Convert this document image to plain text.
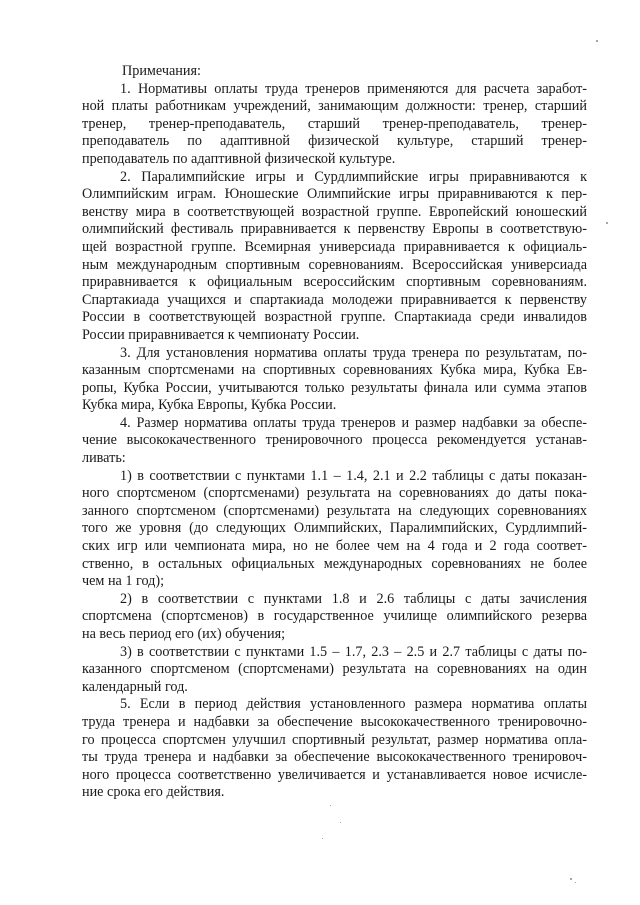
Примечания:
1. Нормативы оплаты труда тренеров применяются для расчета заработ-
ной платы работникам учреждений, занимающим должности: тренер, старший
тренер, тренер-преподаватель, старший тренер-преподаватель, тренер-
преподаватель по адаптивной физической культуре, старший тренер-
преподаватель по адаптивной физической культуре.
2. Паралимпийские игры и Сурдлимпийские игры приравниваются к
Олимпийским играм. Юношеские Олимпийские игры приравниваются к пер-
венству мира в соответствующей возрастной группе. Европейский юношеский
олимпийский фестиваль приравнивается к первенству Европы в соответствую-
щей возрастной группе. Всемирная универсиада приравнивается к официаль-
ным международным спортивным соревнованиям. Всероссийская универсиада
приравнивается к официальным всероссийским спортивным соревнованиям.
Спартакиада учащихся и спартакиада молодежи приравнивается к первенству
России в соответствующей возрастной группе. Спартакиада среди инвалидов
России приравнивается к чемпионату России.
3. Для установления норматива оплаты труда тренера по результатам, по-
казанным спортсменами на спортивных соревнованиях Кубка мира, Кубка Ев-
ропы, Кубка России, учитываются только результаты финала или сумма этапов
Кубка мира, Кубка Европы, Кубка России.
4. Размер норматива оплаты труда тренеров и размер надбавки за обеспе-
чение высококачественного тренировочного процесса рекомендуется устанав-
ливать:
1) в соответствии с пунктами 1.1 – 1.4, 2.1 и 2.2 таблицы с даты показан-
ного спортсменом (спортсменами) результата на соревнованиях до даты пока-
занного спортсменом (спортсменами) результата на следующих соревнованиях
того же уровня (до следующих Олимпийских, Паралимпийских, Сурдлимпий-
ских игр или чемпионата мира, но не более чем на 4 года и 2 года соответ-
ственно, в остальных официальных международных соревнованиях не более
чем на 1 год);
2) в соответствии с пунктами 1.8 и 2.6 таблицы с даты зачисления
спортсмена (спортсменов) в государственное училище олимпийского резерва
на весь период его (их) обучения;
3) в соответствии с пунктами 1.5 – 1.7, 2.3 – 2.5 и 2.7 таблицы с даты по-
казанного спортсменом (спортсменами) результата на соревнованиях на один
календарный год.
5. Если в период действия установленного размера норматива оплаты
труда тренера и надбавки за обеспечение высококачественного тренировочно-
го процесса спортсмен улучшил спортивный результат, размер норматива опла-
ты труда тренера и надбавки за обеспечение высококачественного тренировоч-
ного процесса соответственно увеличивается и устанавливается новое исчисле-
ние срока его действия.
